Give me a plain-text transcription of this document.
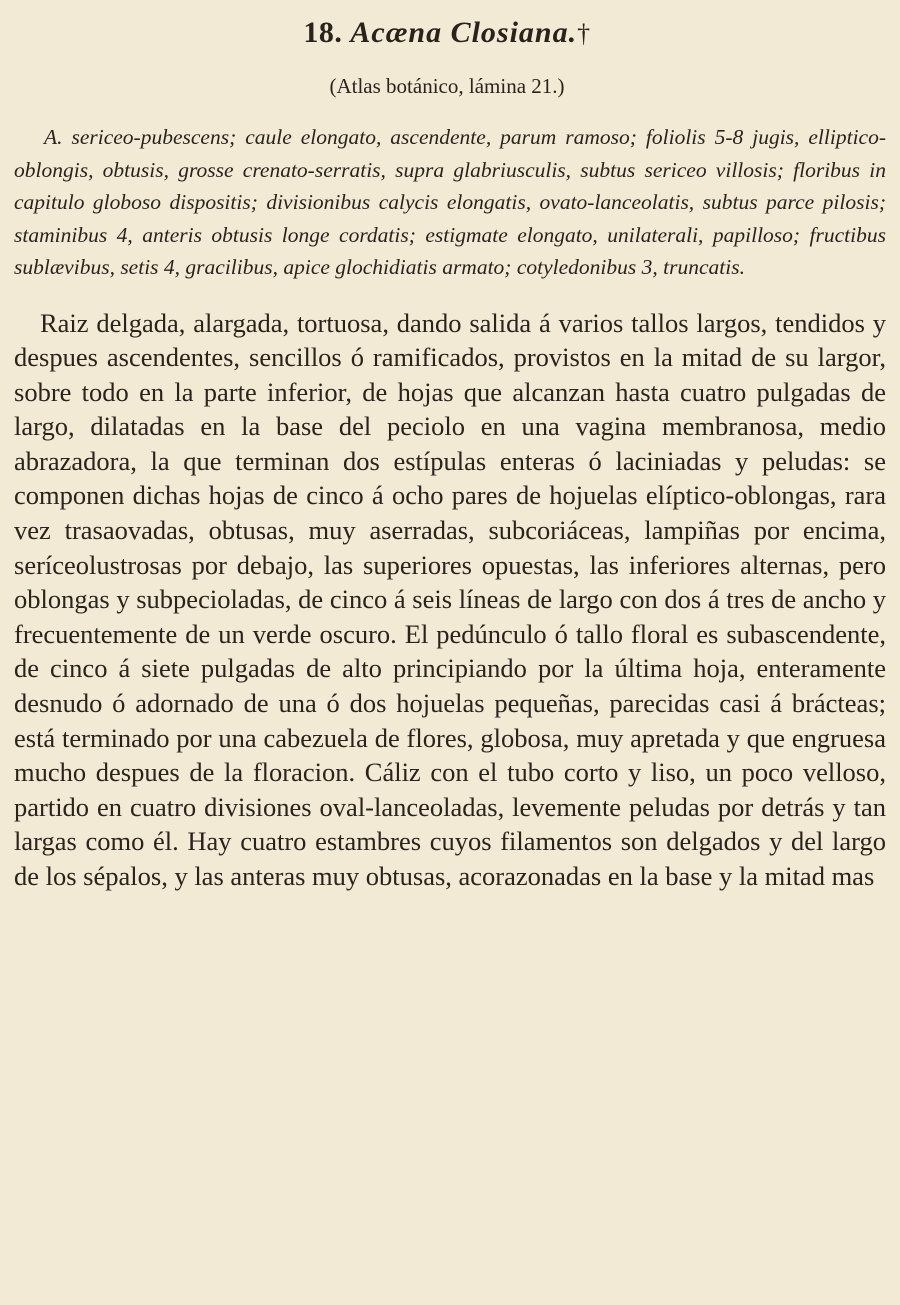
18. Acæna Closiana.†
(Atlas botánico, lámina 21.)

A. sericeo-pubescens; caule elongato, ascendente, parum ramoso; foliolis 5-8 jugis, elliptico-oblongis, obtusis, grosse crenato-serratis, supra glabriusculis, subtus sericeo villosis; floribus in capitulo globoso dispositis; divisionibus calycis elongatis, ovato-lanceolatis, subtus parce pilosis; staminibus 4, anteris obtusis longe cordatis; estigmate elongato, unilaterali, papilloso; fructibus sublævibus, setis 4, gracilibus, apice glochidiatis armato; cotyledonibus 3, truncatis.

Raiz delgada, alargada, tortuosa, dando salida á varios tallos largos, tendidos y despues ascendentes, sencillos ó ramificados, provistos en la mitad de su largor, sobre todo en la parte inferior, de hojas que alcanzan hasta cuatro pulgadas de largo, dilatadas en la base del peciolo en una vagina membranosa, medio abrazadora, la que terminan dos estípulas enteras ó laciniadas y peludas: se componen dichas hojas de cinco á ocho pares de hojuelas elíptico-oblongas, rara vez trasaovadas, obtusas, muy aserradas, subcoriáceas, lampiñas por encima, seríceolustrosas por debajo, las superiores opuestas, las inferiores alternas, pero oblongas y subpecioladas, de cinco á seis líneas de largo con dos á tres de ancho y frecuentemente de un verde oscuro. El pedúnculo ó tallo floral es subascendente, de cinco á siete pulgadas de alto principiando por la última hoja, enteramente desnudo ó adornado de una ó dos hojuelas pequeñas, parecidas casi á brácteas; está terminado por una cabezuela de flores, globosa, muy apretada y que engruesa mucho despues de la floracion. Cáliz con el tubo corto y liso, un poco velloso, partido en cuatro divisiones oval-lanceoladas, levemente peludas por detrás y tan largas como él. Hay cuatro estambres cuyos filamentos son delgados y del largo de los sépalos, y las anteras muy obtusas, acorazonadas en la base y la mitad mas
